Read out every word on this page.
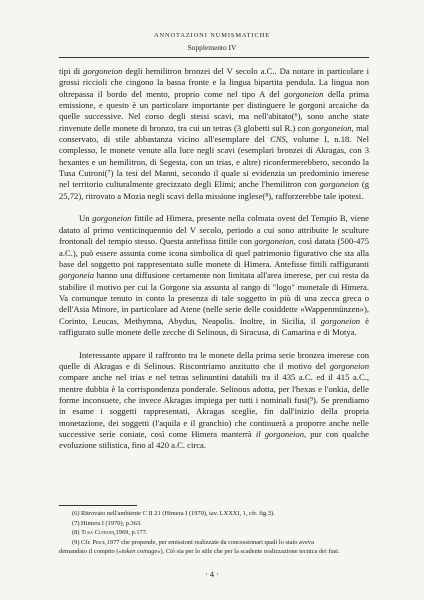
ANNOTAZIONI NUMISMATICHE
Supplemento IV

tipi di gorgoneion degli hemilitron bronzei del V secolo a.C.. Da notare in particolare i grossi riccioli che cingono la bassa fronte e la lingua bipartita pendula. La lingua non oltrepassa il bordo del mento, proprio come nel tipo A del gorgoneion della prima emissione, e questo è un particolare importante per distinguere le gorgoni arcaiche da quelle successive. Nel corso degli stessi scavi, ma nell'abitato(⁶), sono anche state rinvenute delle monete di bronzo, tra cui un tetras (3 globetti sul R.) con gorgoneion, mal conservato, di stile abbastanza vicino all'esemplare del CNS, volume I, n.18. Nel complesso, le monete venute alla luce negli scavi (esemplari bronzei di Akragas, con 3 hexantes e un hemilitron, di Segesta, con un trias, e altre) riconfermerebbero, secondo la Tusa Cutroni(⁷) la tesi del Manni, secondo il quale si evidenzia un predominio imerese nel territorio culturalmente grecizzato degli Elimi; anche l'hemilitron con gorgoneion (g 25,72), ritrovato a Mozia negli scavi della missione inglese(⁸), rafforzerebbe tale ipotesi.

Un gorgoneion fittile ad Himera, presente nella colmata ovest del Tempio B, viene datato al primo venticinquennio del V secolo, periodo a cui sono attribuite le sculture frontonali del tempio stesso. Questa antefissa fittile con gorgoneion, così datata (500-475 a.C.), può essere assunta come icona simbolica di quel patrimonio figurativo che sta alla base del soggetto poi rappresentato sulle monete di Himera. Antefisse fittili raffiguranti gorgoneia hanno una diffusione certamente non limitata all'area imerese, per cui resta da stabilire il motivo per cui la Gorgone sia assunta al rango di "logo" monetale di Himera. Va comunque tenuto in conto la presenza di tale soggetto in più di una zecca greca o dell'Asia Minore, in particolare ad Atene (nelle serie delle cosiddette «Wappenmünzen»), Corinto, Leucas, Methymna, Abydus, Neapolis. Inoltre, in Sicilia, il gorgoneion è raffigurato sulle monete delle zecche di Selinous, di Siracusa, di Camarina e di Motya.

Interessante appare il raffronto tra le monete della prima serie bronzea imerese con quelle di Akragas e di Selinous. Riscontriamo anzitutto che il motivo del gorgoneion compare anche nel trias e nel tetras selinuntini databili tra il 435 a.C. ed il 415 a.C., mentre dubbia è la corrispondenza ponderale. Selinous adotta, per l'hexas e l'onkia, delle forme inconsuete, che invece Akragas impiega per tutti i nominali fusi(⁹). Se prendiamo in esame i soggetti rappresentati, Akragas sceglie, fin dall'inizio della propria monetazione, dei soggetti (l'aquila e il granchio) che continuerà a proporre anche nelle successive serie coniate, così come Himera manterrà il gorgoneion, pur con qualche evoluzione stilistica, fino al 420 a.C. circa.

(6) Ritrovato nell'ambiente C II 21 (Himera I (1970), tav. LXXXI, 1, cfr. fig.3).

(7) Himera I (1970), p.363.

(8) Tusa Cutroni,1969, p.177.

(9) Cfr. Price,1977 che propende, per emissioni realizzate da concessionari quali lo stato aveva

demandato il compito («token coinage»). Ciò sia per lo stile che per la scadente realizzazione tecnica dei fusi.

· 4 ·
